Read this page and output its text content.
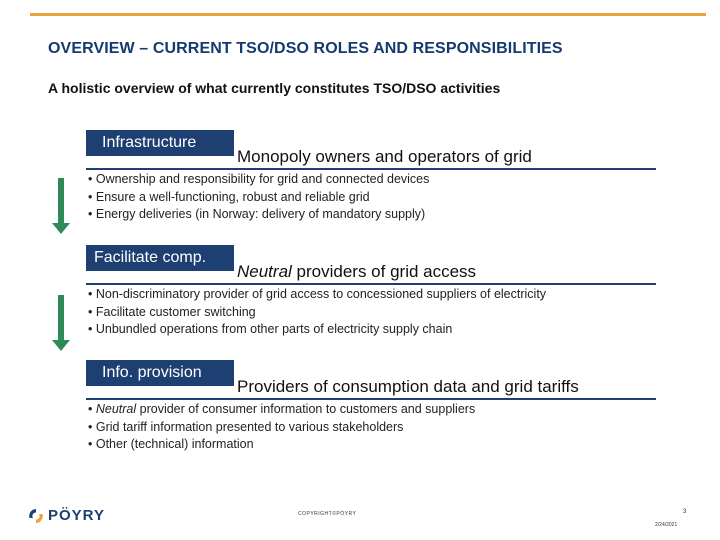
OVERVIEW – CURRENT TSO/DSO ROLES AND RESPONSIBILITIES
A holistic overview of what currently constitutes TSO/DSO activities
Infrastructure
Monopoly owners and operators of grid
• Ownership and responsibility for grid and connected devices
• Ensure a well-functioning, robust and reliable grid
• Energy deliveries (in Norway: delivery of mandatory supply)
Facilitate comp.
Neutral providers of grid access
• Non-discriminatory provider of grid access to concessioned suppliers of electricity
• Facilitate customer switching
• Unbundled operations from other parts of electricity supply chain
Info. provision
Providers of consumption data and grid tariffs
• Neutral provider of consumer information to customers and suppliers
• Grid tariff information presented to various stakeholders
• Other (technical) information
PÖYRY	COPYRIGHT©PÖYRY	3
2/24/2021
